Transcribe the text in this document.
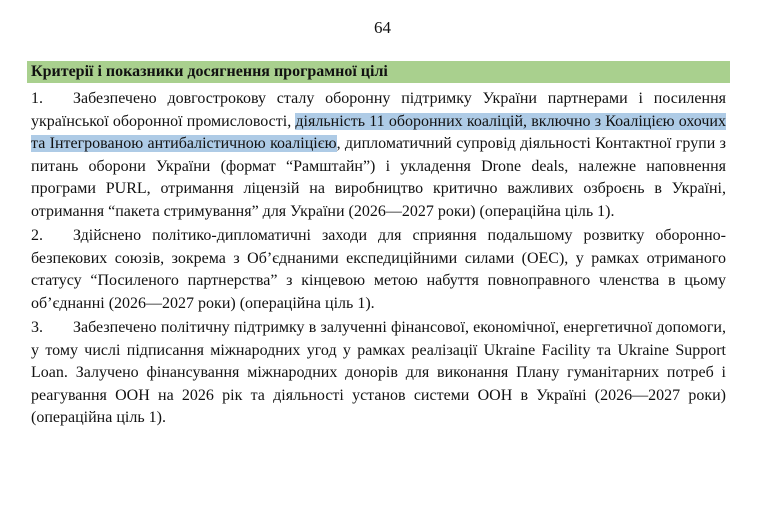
64
Критерії і показники досягнення програмної цілі

1. Забезпечено довгострокову сталу оборонну підтримку України партнерами і посилення української оборонної промисловості, діяльність 11 оборонних коаліцій, включно з Коаліцією охочих та Інтегрованою антибалістичною коаліцією, дипломатичний супровід діяльності Контактної групи з питань оборони України (формат “Рамштайн”) і укладення Drone deals, належне наповнення програми PURL, отримання ліцензій на виробництво критично важливих озброєнь в Україні, отримання “пакета стримування” для України (2026—2027 роки) (операційна ціль 1).

2. Здійснено політико-дипломатичні заходи для сприяння подальшому розвитку оборонно-безпекових союзів, зокрема з Об’єднаними експедиційними силами (ОЕС), у рамках отриманого статусу “Посиленого партнерства” з кінцевою метою набуття повноправного членства в цьому об’єднанні (2026—2027 роки) (операційна ціль 1).

3. Забезпечено політичну підтримку в залученні фінансової, економічної, енергетичної допомоги, у тому числі підписання міжнародних угод у рамках реалізації Ukraine Facility та Ukraine Support Loan. Залучено фінансування міжнародних донорів для виконання Плану гуманітарних потреб і реагування ООН на 2026 рік та діяльності установ системи ООН в Україні (2026—2027 роки) (операційна ціль 1).
